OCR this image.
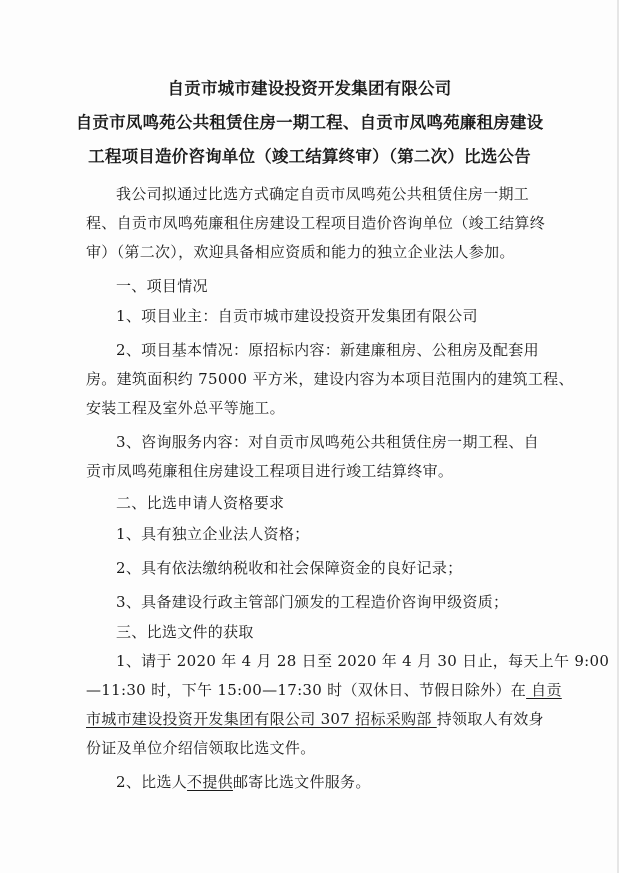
自贡市城市建设投资开发集团有限公司

自贡市凤鸣苑公共租赁住房一期工程、自贡市凤鸣苑廉租房建设

工程项目造价咨询单位（竣工结算终审）（第二次）比选公告

我公司拟通过比选方式确定自贡市凤鸣苑公共租赁住房一期工

程、自贡市凤鸣苑廉租住房建设工程项目造价咨询单位（竣工结算终

审）（第二次），欢迎具备相应资质和能力的独立企业法人参加。

一、项目情况

1、项目业主：自贡市城市建设投资开发集团有限公司

2、项目基本情况：原招标内容：新建廉租房、公租房及配套用

房。建筑面积约 75000 平方米，建设内容为本项目范围内的建筑工程、

安装工程及室外总平等施工。

3、咨询服务内容：对自贡市凤鸣苑公共租赁住房一期工程、自

贡市凤鸣苑廉租住房建设工程项目进行竣工结算终审。

二、比选申请人资格要求

1、具有独立企业法人资格；

2、具有依法缴纳税收和社会保障资金的良好记录；

3、具备建设行政主管部门颁发的工程造价咨询甲级资质；

三、比选文件的获取

1、请于 2020 年 4 月 28 日至 2020 年 4 月 30 日止，每天上午 9:00

—11:30 时，下午 15:00—17:30 时（双休日、节假日除外）在 自贡

市城市建设投资开发集团有限公司 307 招标采购部 持领取人有效身

份证及单位介绍信领取比选文件。

2、比选人不提供邮寄比选文件服务。
